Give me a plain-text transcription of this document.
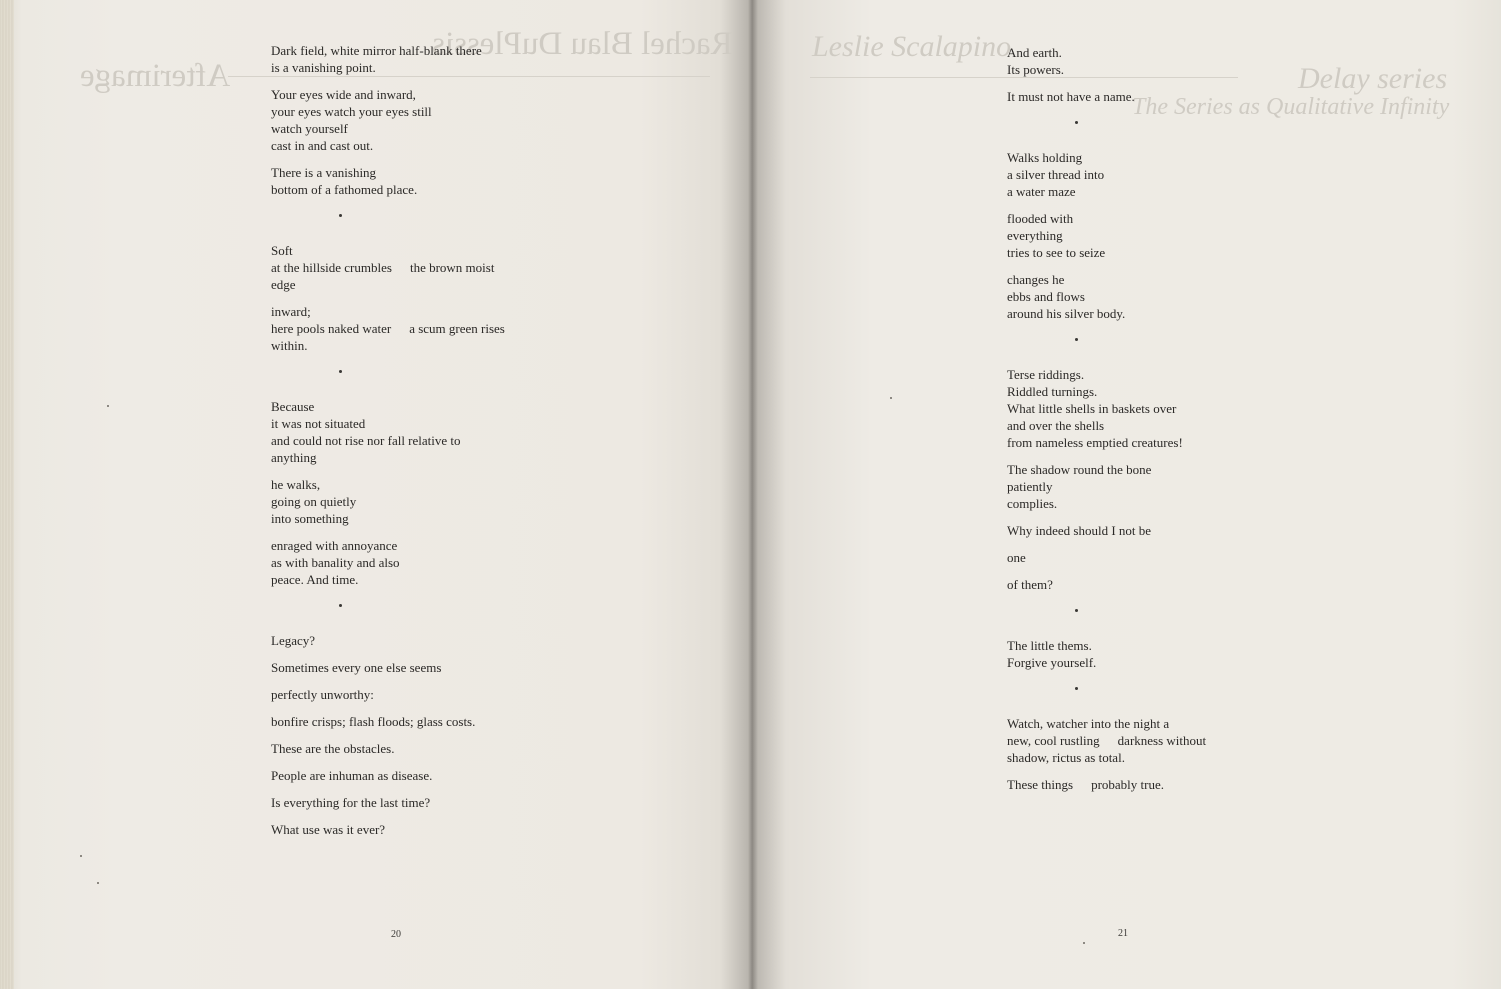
Rachel Blau DuPlessis
Afterimage
Dark field, white mirror half-blank there
is a vanishing point.
Your eyes wide and inward,
your eyes watch your eyes still
watch yourself
cast in and cast out.
There is a vanishing
bottom of a fathomed place.
Soft
at the hillside crumbles the brown moist
edge
inward;
here pools naked water a scum green rises
within.
Because
it was not situated
and could not rise nor fall relative to
anything
he walks,
going on quietly
into something
enraged with annoyance
as with banality and also
peace. And time.
Legacy?
Sometimes every one else seems
perfectly unworthy:
bonfire crisps; flash floods; glass costs.
These are the obstacles.
People are inhuman as disease.
Is everything for the last time?
What use was it ever?
20
Leslie Scalapino
Delay series
The Series as Qualitative Infinity
And earth.
Its powers.
It must not have a name.
Walks holding
a silver thread into
a water maze
flooded with
everything
tries to see to seize
changes he
ebbs and flows
around his silver body.
Terse riddings.
Riddled turnings.
What little shells in baskets over
and over the shells
from nameless emptied creatures!
The shadow round the bone
patiently
complies.
Why indeed should I not be
one
of them?
The little thems.
Forgive yourself.
Watch, watcher into the night a
new, cool rustling darkness without
shadow, rictus as total.
These things probably true.
21
